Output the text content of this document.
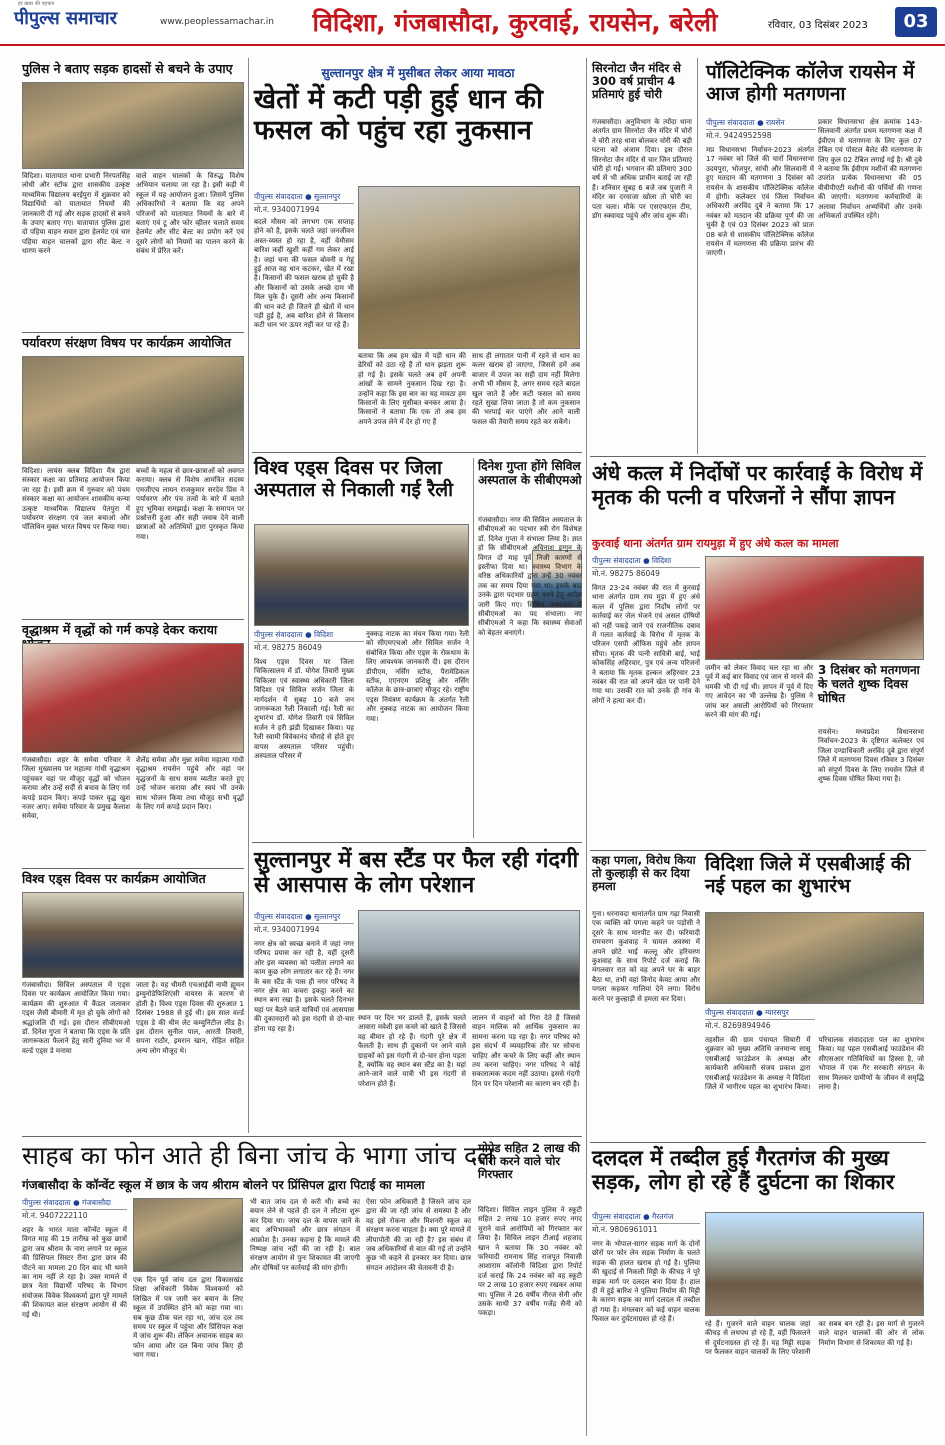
हर खबर की पहचान
पीपुल्स समाचार	www.peoplessamachar.in	विदिशा, गंजबासौदा, कुरवाई, रायसेन, बरेली	रविवार, 03 दिसंबर 2023	03
पुलिस ने बताए सड़क हादसों से बचने के उपाए
विदिशा। यातायात थाना प्रभारी निरपतसिंह लोधी और स्टॉफ द्वारा शासकीय उत्कृष्ट माध्यमिक विद्यालय बरईपुरा में शुक्रवार को विद्यार्थियों को यातायात नियमों की जानकारी दी गई और सड़क हादसों से बचने के उपाए बताए गए। यातायात पुलिस द्वारा दो पहिया वाहन सवार द्वारा हेलमेट एवं चार पहिया वाहन चालकों द्वारा सीट बेल्ट न धारण करने
वाले वाहन चालकों के विरुद्ध विशेष अभियान चलाया जा रहा है। इसी कड़ी में स्कूल में यह आयोजन हुआ। जिसमें पुलिस अधिकारियों ने बताया कि वह अपने परिजनों को यातायात नियमों के बारे में बताएं एवं टू और फोर व्हीलर चलाते समय हेलमेट और सीट बेल्ट का प्रयोग करें एवं दूसरे लोगों को नियमों का पालन करने के संबंध में प्रेरित करें।
पर्यावरण संरक्षण विषय पर कार्यक्रम आयोजित
विदिशा। लायंस क्लब विदिशा मैत्र द्वारा संस्कार कक्षा का प्रतिमाह आयोजन किया जा रहा है। इसी क्रम में गुरुवार को पंचम संस्कार कक्षा का आयोजन शासकीय कन्या उत्कृष्ट माध्यमिक विद्यालय पेतपुरा में पर्यावरण संरक्षण एवं जल बचाओ और पॉलिथिन मुक्त भारत विषय पर किया गया।
बच्चों के महत्व से छात्र-छात्राओं को अवगत कराया। क्लब से विशेष आमंत्रित सदस्य एमजीएच लायन राजकुमार सरदेव प्रिंस ने पर्यावरण और पंच तत्वों के बारे में बताते हुए भूमिका समझाई। कक्षा के समापन पर प्रश्नोत्तरी हुआ और सही जवाब देने वाली छात्राओं को अतिथियों द्वारा पुरस्कृत किया गया।
वृद्धाश्रम में वृद्धों को गर्म कपड़े देकर कराया
गंजबासौदा। शहर के समेवा परिवार ने जिला मुख्यालय पर महात्मा गांधी वृद्धाश्रम पहुंचकर वहां पर मौजूद वृद्धों को भोजन कराया और उन्हें सर्दी से बचाव के लिए गर्म कपड़े प्रदान किए। कपड़े पाकर वृद्ध खुश नजर आए। समेवा परिवार के प्रमुख कैलाश समेवा,
शैलेंद्र समेवा और मुन्ना समेवा महात्मा गांधी वृद्धाश्रम रायसेन पहुंचे और वहां पर वृद्धजनों के साथ समय व्यतीत करते हुए उन्हें भोजन कराया और स्वयं भी उनके साथ भोजन किया तथा मौजूद सभी वृद्धों के लिए गर्म कपड़े प्रदान किए।
विश्व एड्स दिवस पर कार्यक्रम आयोजित
गंजबासौदा। सिविल अस्पताल में एड्स दिवस पर कार्यक्रम आयोजित किया गया। कार्यक्रम की शुरुआत में कैंडल जलाकर एड्स जैसी बीमारी में मृत हो चुके लोगों को श्रद्धांजलि दी गई। इस दौरान सीबीएमओ डॉ. दिनेश गुप्ता ने बताया कि एड्स के प्रति जागरूकता फैलाने हेतु सारी दुनिया भर में वर्ल्ड एड्स डे मनाया
जाता है। यह थीमरी एचआईवी नामी ह्यूमन इम्युनोडेफिशिएंसी वायरस के कारण से होती है। विश्व एड्स दिवस की शुरुआत 1 दिसंबर 1988 से हुई थी। इस साल वर्ल्ड एड्स डे की थीम लेट कम्युनिटीज लीड है। इस दौरान सुनील पाल, आरती तिवारी, सपना राठौर, इमरान खान, रोहित सहित अन्य लोग मौजूद थे।
सुल्तानपुर क्षेत्र में मुसीबत लेकर आया मावठा
खेतों में कटी पड़ी हुई धान की फसल को पहुंच रहा नुकसान
पीपुल्स संवाददाता ● सुल्तानपुर
मो.नं. 9340071994
बदले मौसम को लगभग एक सप्ताह होने को है, इसके चलते जहां जनजीवन अस्त-व्यस्त हो रहा है, वहीं वेमौसम बारिश कहीं खुशी कहीं गम लेकर आई है। जहां चना की फसल बोवनी व गेहूं हुई आज वह धान कटकर, खेत में रखा है। किसानों की फसल खराब हो चुकी है और किसानों को उसके अच्छे दाम भी मिल चुके हैं। दूसरी ओर अन्य किसानों की धान कटे ही जितने ही खेतों में धान पड़ी हुई है, अब बारिश होने से किसान कटी धान भर ऊपर नहीं कर पा रहे हैं।
बताया कि अब हम खेत में पड़ी धान की ढेरियों को उठा रहे हैं तो धान झड़ता शुरू हो गई है। इसके चलते अब हमें अपनी आंखों के सामने नुकसान दिख रहा है। उन्होंने कहा कि इस बार का यह मावठा हम किसानों के लिए मुसीबत बनकर आया है। किसानों ने बताया कि एक तो अब हम अपने उपज लेने में देर हो गए हैं
साथ ही लगातार पानी में रहने से धान का कलर खराब हो जाएगा, जिससे हमें अब बाजार में उपज का सही दाम नहीं मिलेगा अभी भी मौसम है, अगर समय रहते बादल खुल जाते हैं और कटी फसल को समय रहते सुखा लिया जाता है तो कम नुकसान की भरपाई कर पाएंगे और आने वाली फसल की तैयारी समय रहते कर सकेंगे।
विश्व एड्स दिवस पर जिला अस्पताल से निकाली गई रैली
पीपुल्स संवाददाता ● विदिशा
मो.नं. 98275 86049
विश्व एड्स दिवस पर जिला चिकित्सालय में डॉ. योगेश तिवारी मुख्य चिकित्सा एवं स्वास्थ्य अधिकारी जिला विदिशा एवं सिविल सर्जन जिला के मार्गदर्शन में सुबह 10 बजे जन जागरूकता रैली निकाली गई। रैली का शुभारंभ डॉ. योगेश तिवारी एवं सिविल सर्जन ने हरी झंडी दिखाकर किया। यह रैली स्वामी विवेकानंद चौराहे से होते हुए वापस अस्पताल परिसर पहुंची। अस्पताल परिसर में
नुक्कड़ नाटक का मंचन किया गया। रैली को सीएमएचओ और सिविल सर्जन ने संबोधित किया और एड्स के रोकथाम के लिए आवश्यक जानकारी दी। इस दौरान डीपीएम, नर्सिंग स्टॉफ, पैरामेडिकल स्टॉफ, एएनएम प्रशिक्षु और नर्सिंग कॉलेज के छात्र-छात्राएं मौजूद रहे। राष्ट्रीय एड्स नियंत्रण कार्यक्रम के अंतर्गत रैली और नुक्कड़ नाटक का आयोजन किया गया।
दिनेश गुप्ता होंगे सिविल अस्पताल के सीबीएमओ
गंजबासौदा। नगर की सिविल अस्पताल के सीबीएमओ का पदभार स्त्री रोग विशेषज्ञ डॉ. दिनेश गुप्ता ने संभाला लिया है। ज्ञात हो कि सीबीएमओ अविनाश इग्गुन के विगत दो माह पूर्व निजी कारणों से इस्तीफा दिया था। स्वास्थ्य विभाग के वरिष्ठ अधिकारियों द्वारा उन्हें 30 नवंबर तक का समय दिया गया था। इसके बाद उनके द्वारा पदभार ग्रहण करने हेतु आदेश जारी किए गए। सिविल अस्पताल में सीबीएमओ का पद संभाला। नए सीबीएमओ ने कहा कि स्वास्थ्य सेवाओं को बेहतर बनाएंगे।
सुल्तानपुर में बस स्टैंड पर फैल रही गंदगी से आसपास के लोग परेशान
पीपुल्स संवाददाता ● सुल्तानपुर
मो.नं. 9340071994
नगर क्षेत्र को स्वच्छ बनाने में जहां नगर परिषद प्रयास कर रही है, वहीं दूसरी ओर इस व्यवस्था को पलीता लगाने का काम कुछ लोग लगातार कर रहे हैं। नगर के बस स्टैंड के पास ही नगर परिषद ने नगर क्षेत्र का कचरा इकट्ठा करने का स्थान बना रखा है। इसके चलते दिनभर यहां पर बैठने वाले यात्रियों एवं आसपास की दुकानदारों को इस गंदगी से दो-चार होना पड़ रहा है।
स्थान पर दिन भर डालते हैं, इसके चलते आवारा मवेशी इस कचरे को खाते हैं जिससे वह बीमार हो रहे हैं। गंदगी पूरे क्षेत्र में फैलती है। साथ ही दुकानों पर आने वाले ग्राहकों को इस गंदगी से दो-चार होना पड़ता है, क्योंकि यह स्थान बस स्टैंड का है। यहां आने-जाने वाले यात्री भी इस गंदगी से परेशान होते हैं।
लालन में वाहनों को गिरा देते हैं जिससे वाहन मालिक को आर्थिक नुकसान का सामना करना पड़ रहा है। नगर परिषद को इस संदर्भ में व्यवहारिक तौर पर सोचना चाहिए और कचरे के लिए कहीं और स्थान तय करना चाहिए। नगर परिषद ने कोई सकारात्मक कदम नहीं उठाया। इससे गंदगी दिन पर दिन परेशानी का कारण बन रही है।
साहब का फोन आते ही बिना जांच के भागा जांच दल
गंजबासौदा के कॉन्वेंट स्कूल में छात्र के जय श्रीराम बोलने पर प्रिंसिपल द्वारा पिटाई का मामला
पीपुल्स संवाददाता ● गंजबासौदा
मो.नं. 9407222110
शहर के भारत माता कॉन्वेंट स्कूल में विगत माह की 19 तारीख को कुछ छात्रों द्वारा जय श्रीराम के नारा लगाने पर स्कूल की प्रिंसिपल सिस्टर रीना द्वारा छात्र की पीटने का मामला 20 दिन बाद भी थमने का नाम नहीं ले रहा है। उक्त मामले में छात्र नेता विद्यार्थी परिषद के विभाग संयोजक विवेक विश्वकर्मा द्वारा पूरे मामले की शिकायत बाल संरक्षण आयोग से की गई थी।
एक दिन पूर्व जांच दल द्वारा विकासखंड शिक्षा अधिकारी विवेक विश्वकर्मा को लिखित में पत्र जारी कर बयान के लिए स्कूल में उपस्थित होने को कहा गया था। सब कुछ ठीक चल रहा था, जांच दल तय समय पर स्कूल में पहुंचा और प्रिंसिपल कक्ष में जांच शुरू की। लेकिन अचानक साहब का फोन आया और दल बिना जांच किए ही भाग गया।
भी बात जांच दल से करी थी। बच्चे का बयान लेने से पहले ही दल ने लौटना शुरू कर दिया था। जांच दल के वापस जाने के बाद अभिभावकों और छात्र संगठन में आक्रोश है। उनका कहना है कि मामले की निष्पक्ष जांच नहीं की जा रही है। बाल संरक्षण आयोग से पुनः शिकायत की जाएगी और दोषियों पर कार्रवाई की मांग होगी।
ऐसा फोन अधिकारी है जिसने जांच दल द्वारा की जा रही जांच से समस्या है और वह इसे रोकना और मिशनरी स्कूल का संरक्षण करना चाहता है। क्या पूरे मामले में लीपापोती की जा रही है? इस संबंध में जब अधिकारियों से बात की गई तो उन्होंने कुछ भी कहने से इनकार कर दिया। छात्र संगठन आंदोलन की चेतावनी दी है।
मोपेड सहित 2 लाख की चोरी करने वाले चोर गिरफ्तार
विदिशा। सिविल लाइन पुलिस ने स्कूटी सहित 2 लाख 10 हजार रुपए नगद चुराने वाले आरोपियों को गिरफ्तार कर लिया है। सिविल लाइन टीआई शहजाद खान ने बताया कि 30 नवंबर को फरियादी रामनाथ सिंह राजपूत निवासी आशाराम कॉलोनी विदिशा द्वारा रिपोर्ट दर्ज कराई कि 24 नवंबर को वह स्कूटी पर 2 लाख 10 हजार रुपए रखकर आया था। पुलिस ने 26 वर्षीय नीरज सेनी और उसके साथी 37 वर्षीय गजेंद्र सैनी को पकड़ा।
सिरनोटा जैन मंदिर से 300 वर्ष प्राचीन 4 प्रतिमाएं हुई चोरी
गंजबासौदा। अनुविभाग के त्योंदा थाना अंतर्गत ग्राम सिरनोटा जैन मंदिर में चोरों ने चोरी तरह धावा बोलकर चोरी की बड़ी घटना को अंजाम दिया। इस दौरान सिरनोटा जैन मंदिर से चार जिन प्रतिमाएं चोरी हो गईं। भगवान की प्रतिमाएं 300 वर्ष से भी अधिक प्राचीन बताई जा रही हैं। शनिवार सुबह 6 बजे जब पुजारी ने मंदिर का दरवाजा खोला तो चोरी का पता चला। मौके पर एसएफएल टीम, डॉग स्क्वायड पहुंचे और जांच शुरू की।
पॉलिटेक्निक कॉलेज रायसेन में आज होगी मतगणना
पीपुल्स संवाददाता ● रायसेन
मो.नं. 9424952598
मप्र विधानसभा निर्वाचन-2023 अंतर्गत 17 नवंबर को जिले की चारों विधानसभा उदयपुरा, भोजपुर, सांची और सिलवानी में हुए मतदान की मतगणना 3 दिसंबर को रायसेन के शासकीय पॉलिटेक्निक कॉलेज में होगी। कलेक्टर एवं जिला निर्वाचन अधिकारी अरविंद दुबे ने बताया कि 17 नवंबर को मतदान की प्रक्रिया पूर्ण की जा चुकी है एवं 03 दिसंबर 2023 को प्रातः 08 बजे से शासकीय पॉलिटेक्निक कॉलेज रायसेन में मतगणना की प्रक्रिया प्रारंभ की जाएगी।
प्रकार विधानसभा क्षेत्र क्रमांक 143-सिलवानी अंतर्गत प्रथम मतगणना कक्ष में ईवीएम से मतगणना के लिए कुल 07 टेबिल एवं पोस्टल बैलेट की मतगणना के लिए कुल 02 टेबिल लगाई गई है। श्री दुबे ने बताया कि ईवीएम मशीनों की मतगणना उपरांत प्रत्येक विधानसभा की 05 वीवीपीएटी मशीनों की पर्चियों की गणना की जाएगी। मतगणना कर्मचारियों के अलावा निर्वाचन अभ्यर्थियों और उनके अभिकर्ता उपस्थित रहेंगे।
अंधे कत्ल में निर्दोषों पर कार्रवाई के विरोध में मृतक की पत्नी व परिजनों ने सौंपा ज्ञापन
कुरवाई थाना अंतर्गत ग्राम रायमुड़ा में हुए अंधे कत्ल का मामला
पीपुल्स संवाददाता ● विदिशा
मो.नं. 98275 86049
विगत 23-24 नवंबर की रात में कुरवाई थाना अंतर्गत ग्राम राय मुड़ा में हुए अंधे कत्ल में पुलिस द्वारा निर्दोष लोगों पर कार्रवाई कर जेल भेजने एवं असल दोषियों को नहीं पकड़े जाने एवं राजनीतिक दबाव में गलत कार्रवाई के विरोध में मृतक के परिजन एसपी ऑफिस पहुंचे और ज्ञापन सौंपा। मृतक की पत्नी सावित्री बाई, भाई कोकसिंह अहिरवार, पुत्र एवं अन्य परिजनों ने बताया कि मृतक हल्कन अहिरवार 23 नवंबर की रात को अपने खेत पर पानी देने गया था। उसकी रात को उनके ही गांव के लोगों ने हत्या कर दी।
जमीन को लेकर विवाद चल रहा था और पूर्व में कई बार विवाद एवं जान से मारने की धमकी भी दी गई थी। ज्ञापन में पूर्व में दिए गए आवेदन का भी उल्लेख है। पुलिस ने जांच कर असली आरोपियों को गिरफ्तार करने की मांग की गई।
3 दिसंबर को मतगणना के चलते शुष्क दिवस घोषित
रायसेन। मध्यप्रदेश विधानसभा निर्वाचन-2023 के दृष्टिगत कलेक्टर एवं जिला दण्डाधिकारी अरविंद दुबे द्वारा संपूर्ण जिले में मतगणना दिवस रविवार 3 दिसंबर को संपूर्ण दिवस के लिए रायसेन जिले में शुष्क दिवस घोषित किया गया है।
कहा पगला, विरोध किया तो कुल्हाड़ी से कर दिया हमला
गुना। धरनावदा थानांतर्गत ग्राम गढ़ा निवासी एक व्यक्ति को पगला कहने पर पड़ोसी ने दूसरे के साथ मारपीट कर दी। फरियादी रामचरण कुशवाह ने घायल अवस्था में अपने छोटे भाई कल्लू और हरिचरण कुशवाह के साथ रिपोर्ट दर्ज कराई कि मंगलवार रात को वह अपने घर के बाहर बैठा था, तभी वहां विनोद केवट आया और पगला कहकर गालियां देने लगा। विरोध करने पर कुल्हाड़ी से हमला कर दिया।
विदिशा जिले में एसबीआई की नई पहल का शुभारंभ
पीपुल्स संवाददाता ● ग्यारसपुर
मो.नं. 8269894946
तहसील की ग्राम पंचायत सियारी में शुक्रवार को मुख्य अतिथि जनमान्य सासू एसबीआई फाउंडेशन के अध्यक्ष और कार्यकारी अधिकारी संजय प्रकाश द्वारा एसबीआई फाउंडेशन के अध्यक्ष ने विदिशा जिले में भागीरथ पहल का शुभारंभ किया। परिचालक संवाददाता पल का शुभारंभ किया। यह पहल एसबीआई फाउंडेशन की सीएसआर गतिविधियों का हिस्सा है, जो भोपाल में एक गैर सरकारी संगठन के साथ मिलकर ग्रामीणों के जीवन में समृद्धि लाना है।
दलदल में तब्दील हुई गैरतगंज की मुख्य सड़क, लोग हो रहे हैं दुर्घटना का शिकार
पीपुल्स संवाददाता ● गैरतगंज
मो.नं. 9806961011
नगर के भोपाल-सागर सड़क मार्ग के दोनों छोरों पर फोर लेन सड़क निर्माण के चलते सड़क की हालत खराब हो गई है। पुलिया की खुदाई से निकली मिट्टी के कीचड़ ने पूरे सड़क मार्ग पर दलदल बना दिया है। हाल ही में हुई बारिश ने पुलिया निर्माण की मिट्टी के कारण सड़क का मार्ग दलदल में तब्दील हो गया है। मंगलवार को कई वाहन चालक फिसल कर दुर्घटनाग्रस्त हो रहे हैं।
रहे हैं। गुजरने वाले वाहन चालक जहां कीचड़ से लथपथ हो रहे हैं, वहीं फिसलने से दुर्घटनाग्रस्त हो रहे हैं। यह मिट्टी सड़क पर फैलकर वाहन चालकों के लिए परेशानी का सबब बन रही है। इस मार्ग से गुजरने वाले वाहन चालकों की ओर से लोक निर्माण विभाग से शिकायत की गई है।
